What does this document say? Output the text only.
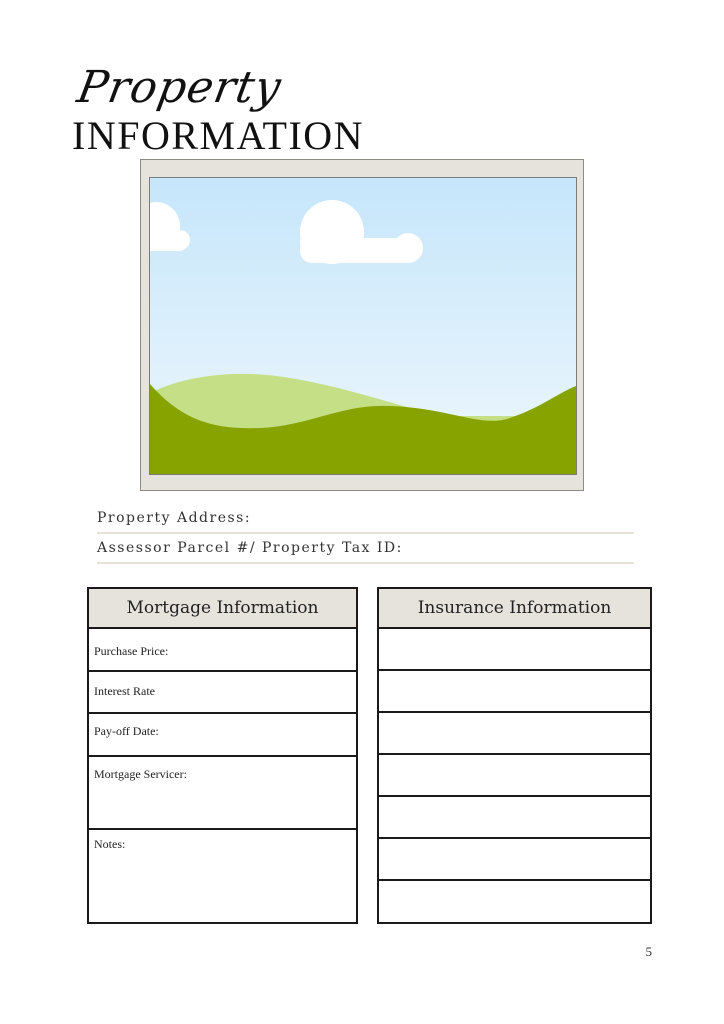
Property
INFORMATION
Property Address:
Assessor Parcel #/ Property Tax ID:
Mortgage Information
Purchase Price:
Interest Rate
Pay-off Date:
Mortgage Servicer:
Notes:
Insurance Information
5
